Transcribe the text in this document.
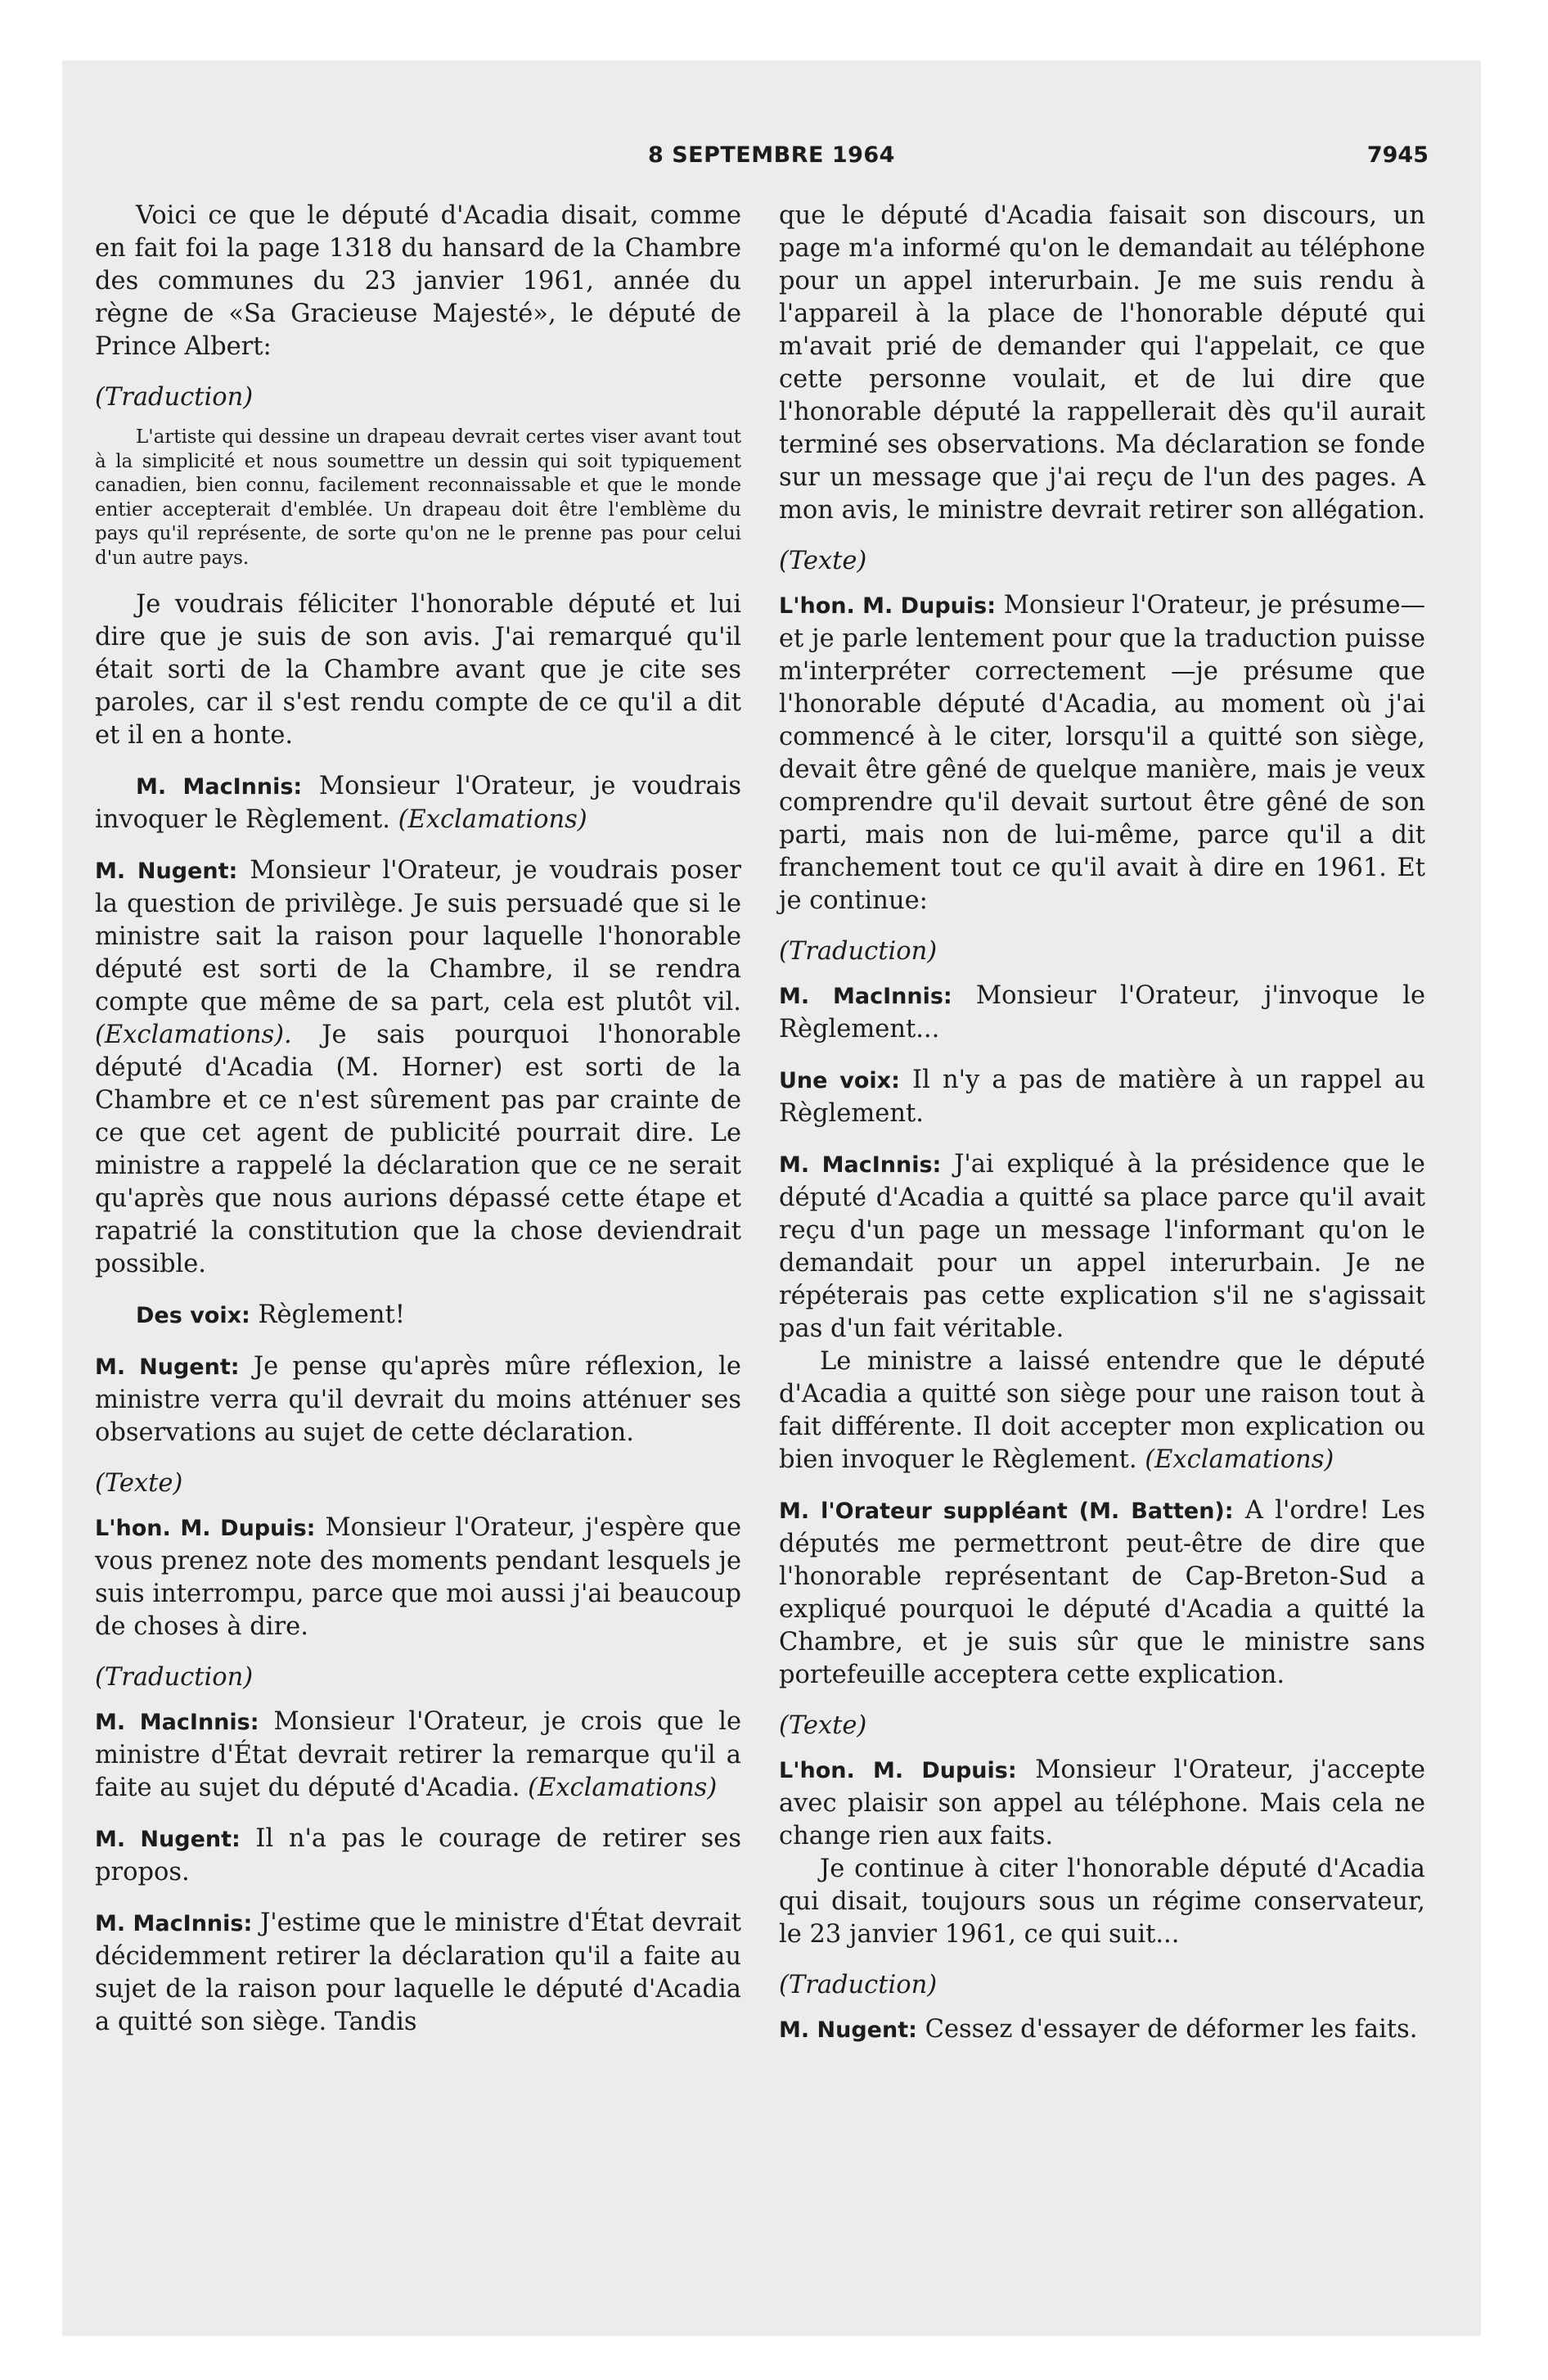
8 SEPTEMBRE 1964	7945

Voici ce que le député d'Acadia disait, comme en fait foi la page 1318 du hansard de la Chambre des communes du 23 janvier 1961, année du règne de «Sa Gracieuse Majesté», le député de Prince Albert:

(Traduction)

L'artiste qui dessine un drapeau devrait certes viser avant tout à la simplicité et nous soumettre un dessin qui soit typiquement canadien, bien connu, facilement reconnaissable et que le monde entier accepterait d'emblée. Un drapeau doit être l'emblème du pays qu'il représente, de sorte qu'on ne le prenne pas pour celui d'un autre pays.

Je voudrais féliciter l'honorable député et lui dire que je suis de son avis. J'ai remarqué qu'il était sorti de la Chambre avant que je cite ses paroles, car il s'est rendu compte de ce qu'il a dit et il en a honte.

M. MacInnis: Monsieur l'Orateur, je voudrais invoquer le Règlement. (Exclamations)

M. Nugent: Monsieur l'Orateur, je voudrais poser la question de privilège. Je suis persuadé que si le ministre sait la raison pour laquelle l'honorable député est sorti de la Chambre, il se rendra compte que même de sa part, cela est plutôt vil. (Exclamations). Je sais pourquoi l'honorable député d'Acadia (M. Horner) est sorti de la Chambre et ce n'est sûrement pas par crainte de ce que cet agent de publicité pourrait dire. Le ministre a rappelé la déclaration que ce ne serait qu'après que nous aurions dépassé cette étape et rapatrié la constitution que la chose deviendrait possible.

Des voix: Règlement!

M. Nugent: Je pense qu'après mûre réflexion, le ministre verra qu'il devrait du moins atténuer ses observations au sujet de cette déclaration.

(Texte)

L'hon. M. Dupuis: Monsieur l'Orateur, j'espère que vous prenez note des moments pendant lesquels je suis interrompu, parce que moi aussi j'ai beaucoup de choses à dire.

(Traduction)

M. MacInnis: Monsieur l'Orateur, je crois que le ministre d'État devrait retirer la remarque qu'il a faite au sujet du député d'Acadia. (Exclamations)

M. Nugent: Il n'a pas le courage de retirer ses propos.

M. MacInnis: J'estime que le ministre d'État devrait décidemment retirer la déclaration qu'il a faite au sujet de la raison pour laquelle le député d'Acadia a quitté son siège. Tandis

que le député d'Acadia faisait son discours, un page m'a informé qu'on le demandait au téléphone pour un appel interurbain. Je me suis rendu à l'appareil à la place de l'honorable député qui m'avait prié de demander qui l'appelait, ce que cette personne voulait, et de lui dire que l'honorable député la rappellerait dès qu'il aurait terminé ses observations. Ma déclaration se fonde sur un message que j'ai reçu de l'un des pages. A mon avis, le ministre devrait retirer son allégation.

(Texte)

L'hon. M. Dupuis: Monsieur l'Orateur, je présume—et je parle lentement pour que la traduction puisse m'interpréter correctement —je présume que l'honorable député d'Acadia, au moment où j'ai commencé à le citer, lorsqu'il a quitté son siège, devait être gêné de quelque manière, mais je veux comprendre qu'il devait surtout être gêné de son parti, mais non de lui-même, parce qu'il a dit franchement tout ce qu'il avait à dire en 1961. Et je continue:

(Traduction)

M. MacInnis: Monsieur l'Orateur, j'invoque le Règlement...

Une voix: Il n'y a pas de matière à un rappel au Règlement.

M. MacInnis: J'ai expliqué à la présidence que le député d'Acadia a quitté sa place parce qu'il avait reçu d'un page un message l'informant qu'on le demandait pour un appel interurbain. Je ne répéterais pas cette explication s'il ne s'agissait pas d'un fait véritable.

Le ministre a laissé entendre que le député d'Acadia a quitté son siège pour une raison tout à fait différente. Il doit accepter mon explication ou bien invoquer le Règlement. (Exclamations)

M. l'Orateur suppléant (M. Batten): A l'ordre! Les députés me permettront peut-être de dire que l'honorable représentant de Cap-Breton-Sud a expliqué pourquoi le député d'Acadia a quitté la Chambre, et je suis sûr que le ministre sans portefeuille acceptera cette explication.

(Texte)

L'hon. M. Dupuis: Monsieur l'Orateur, j'accepte avec plaisir son appel au téléphone. Mais cela ne change rien aux faits.

Je continue à citer l'honorable député d'Acadia qui disait, toujours sous un régime conservateur, le 23 janvier 1961, ce qui suit...

(Traduction)

M. Nugent: Cessez d'essayer de déformer les faits.
